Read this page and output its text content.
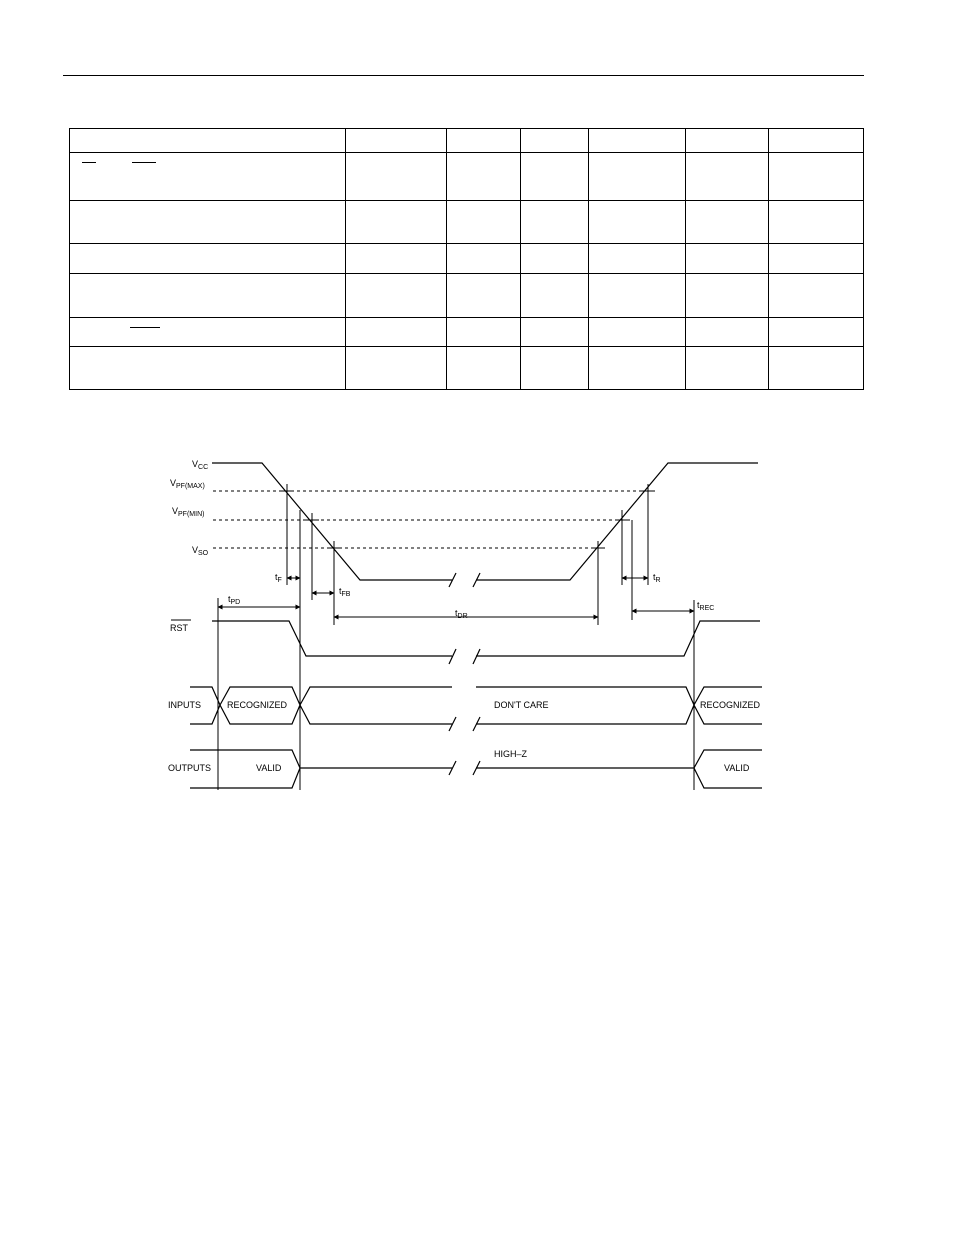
$V_{CC}$
$V_{PF(MAX)}$
$V_{PF(MIN)}$
$V_{SO}$
$t_F$
$t_{FB}$
$t_{PD}$
$t_{DR}$
$t_R$
$t_{REC}$
RST
INPUTS
OUTPUTS
RECOGNIZED	DON'T CARE	RECOGNIZED
HIGH–Z
VALID	VALID
